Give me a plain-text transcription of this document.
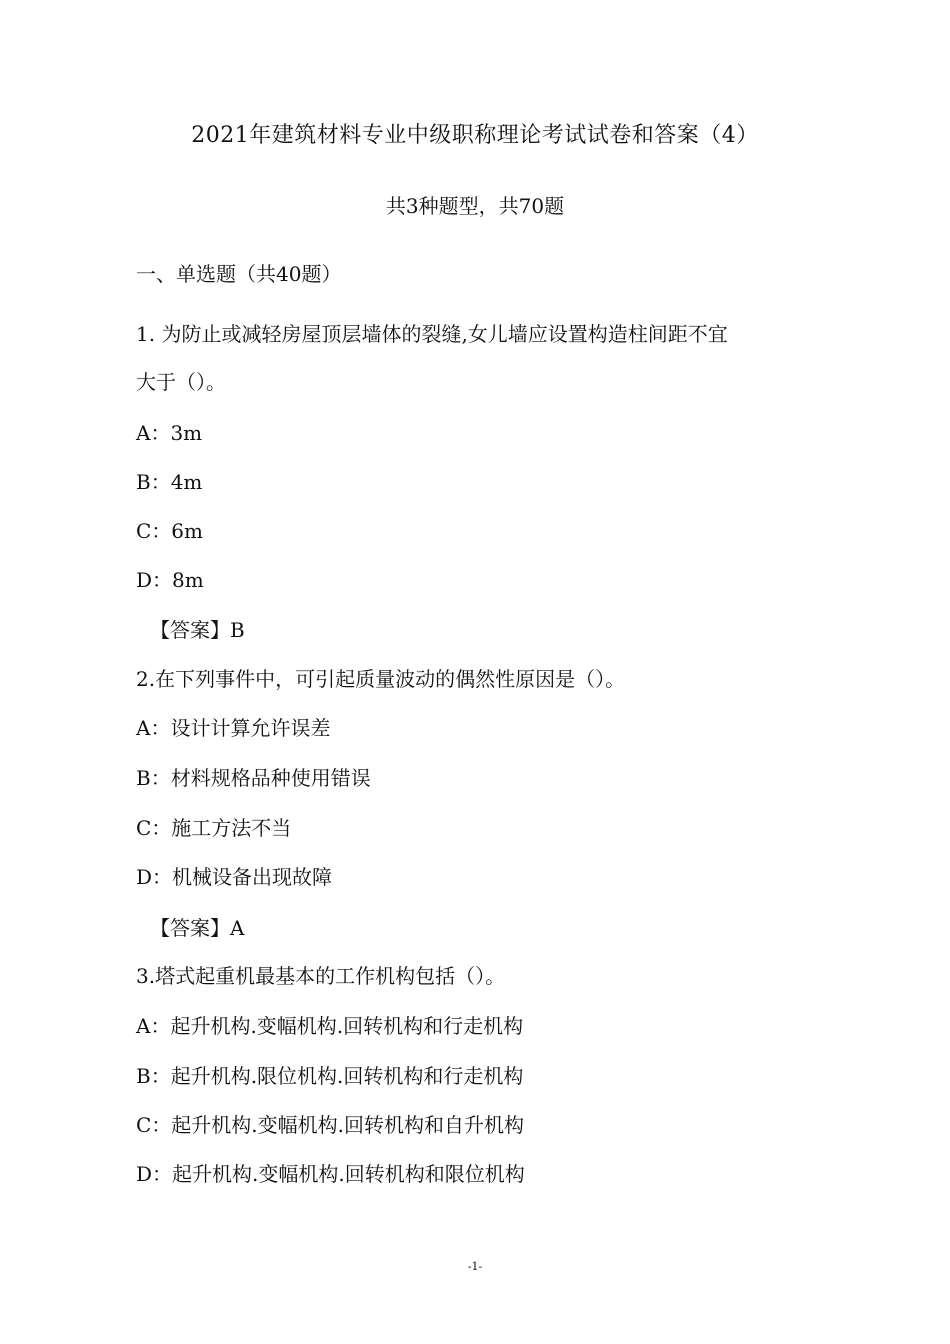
2021年建筑材料专业中级职称理论考试试卷和答案（4）
共3种题型，共70题
一、单选题（共40题）
1. 为防止或减轻房屋顶层墙体的裂缝,女儿墙应设置构造柱间距不宜
大于（）。
A：3m
B：4m
C：6m
D：8m
【答案】B
2.在下列事件中，可引起质量波动的偶然性原因是（）。
A：设计计算允许误差
B：材料规格品种使用错误
C：施工方法不当
D：机械设备出现故障
【答案】A
3.塔式起重机最基本的工作机构包括（）。
A：起升机构.变幅机构.回转机构和行走机构
B：起升机构.限位机构.回转机构和行走机构
C：起升机构.变幅机构.回转机构和自升机构
D：起升机构.变幅机构.回转机构和限位机构
-1-
